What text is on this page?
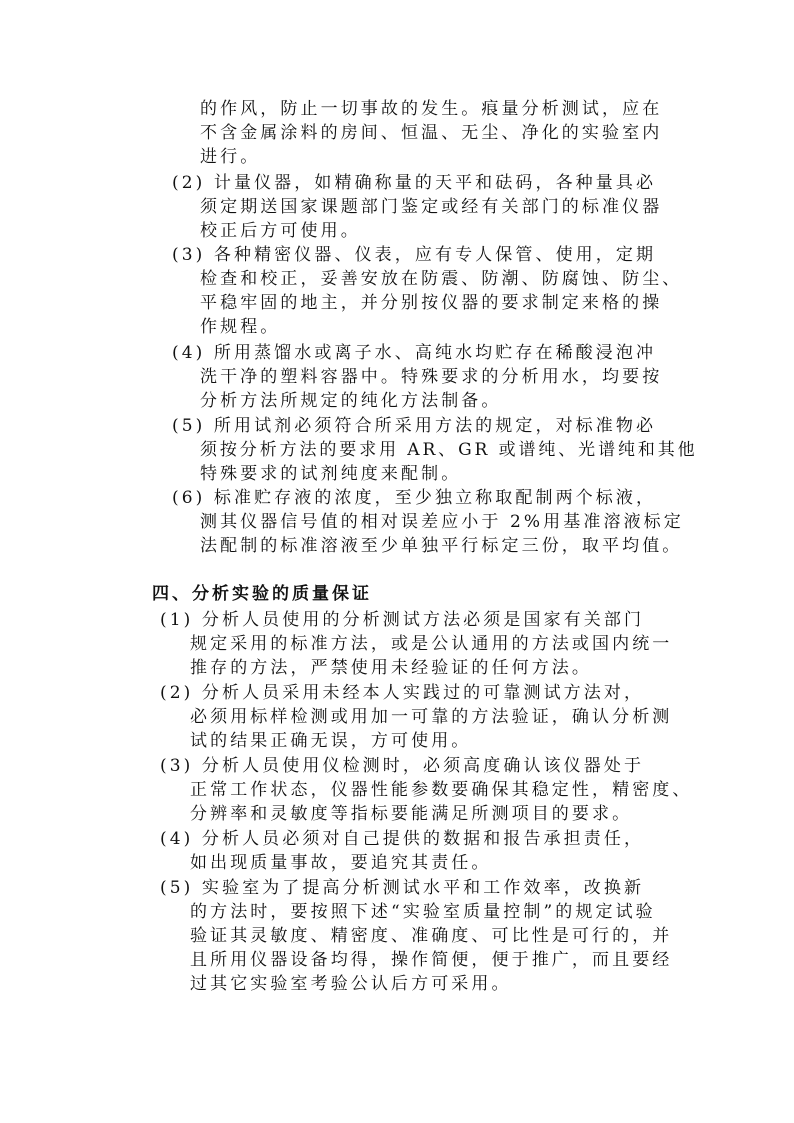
的作风，防止一切事故的发生。痕量分析测试，应在
不含金属涂料的房间、恒温、无尘、净化的实验室内
进行。
(2) 计量仪器，如精确称量的天平和砝码，各种量具必
须定期送国家课题部门鉴定或经有关部门的标准仪器
校正后方可使用。
(3) 各种精密仪器、仪表，应有专人保管、使用，定期
检查和校正，妥善安放在防震、防潮、防腐蚀、防尘、
平稳牢固的地主，并分别按仪器的要求制定来格的操
作规程。
(4) 所用蒸馏水或离子水、高纯水均贮存在稀酸浸泡冲
洗干净的塑料容器中。特殊要求的分析用水，均要按
分析方法所规定的纯化方法制备。
(5) 所用试剂必须符合所采用方法的规定，对标准物必
须按分析方法的要求用 AR、GR 或谱纯、光谱纯和其他
特殊要求的试剂纯度来配制。
(6) 标准贮存液的浓度，至少独立称取配制两个标液，
测其仪器信号值的相对误差应小于 2%用基准溶液标定
法配制的标准溶液至少单独平行标定三份，取平均值。
四、分析实验的质量保证
(1) 分析人员使用的分析测试方法必须是国家有关部门
规定采用的标准方法，或是公认通用的方法或国内统一
推存的方法，严禁使用未经验证的任何方法。
(2) 分析人员采用未经本人实践过的可靠测试方法对，
必须用标样检测或用加一可靠的方法验证，确认分析测
试的结果正确无误，方可使用。
(3) 分析人员使用仪检测时，必须高度确认该仪器处于
正常工作状态，仪器性能参数要确保其稳定性，精密度、
分辨率和灵敏度等指标要能满足所测项目的要求。
(4) 分析人员必须对自己提供的数据和报告承担责任，
如出现质量事故，要追究其责任。
(5) 实验室为了提高分析测试水平和工作效率，改换新
的方法时，要按照下述“实验室质量控制”的规定试验
验证其灵敏度、精密度、准确度、可比性是可行的，并
且所用仪器设备均得，操作简便，便于推广，而且要经
过其它实验室考验公认后方可采用。
